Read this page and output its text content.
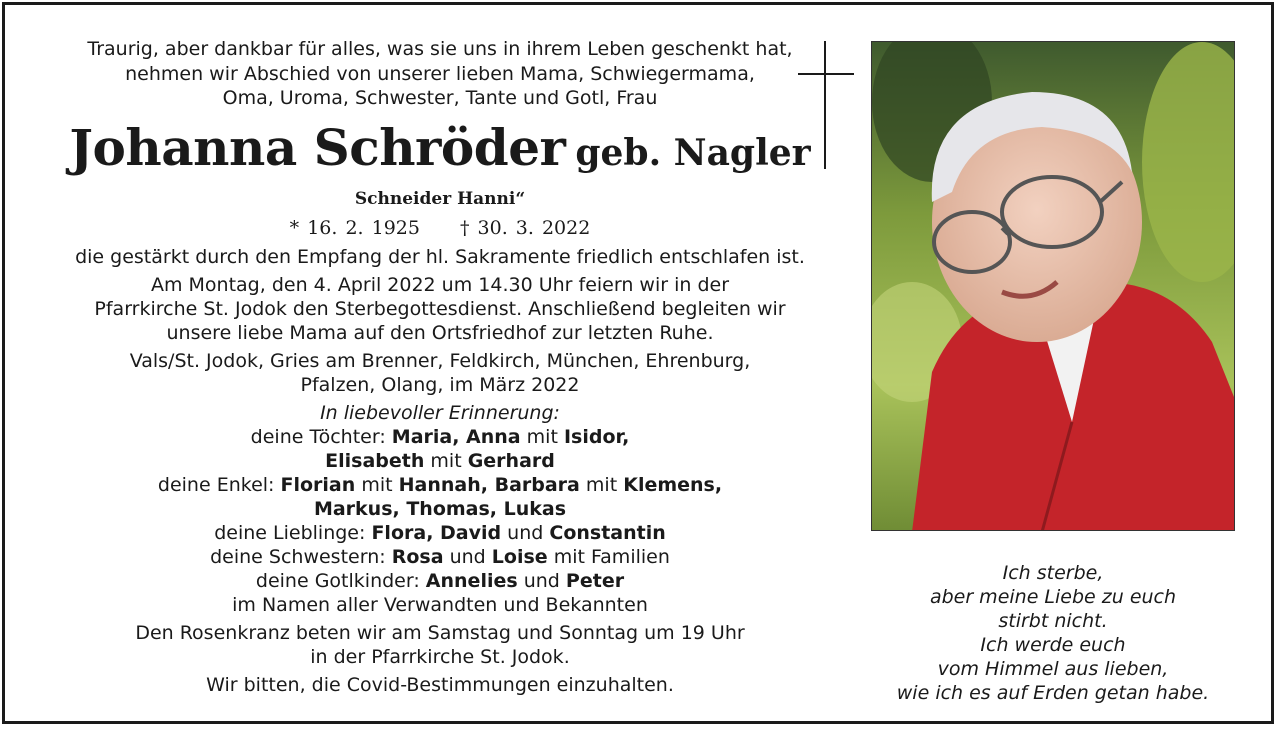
Traurig, aber dankbar für alles, was sie uns in ihrem Leben geschenkt hat,

nehmen wir Abschied von unserer lieben Mama, Schwiegermama,

Oma, Uroma, Schwester, Tante und Gotl, Frau

Johanna Schröder geb. Nagler

Schneider Hanni“

* 16. 2. 1925 † 30. 3. 2022

die gestärkt durch den Empfang der hl. Sakramente friedlich entschlafen ist.

Am Montag, den 4. April 2022 um 14.30 Uhr feiern wir in der

Pfarrkirche St. Jodok den Sterbegottesdienst. Anschließend begleiten wir

unsere liebe Mama auf den Ortsfriedhof zur letzten Ruhe.

Vals/St. Jodok, Gries am Brenner, Feldkirch, München, Ehrenburg,

Pfalzen, Olang, im März 2022

In liebevoller Erinnerung:

deine Töchter: Maria, Anna mit Isidor,

Elisabeth mit Gerhard

deine Enkel: Florian mit Hannah, Barbara mit Klemens,

Markus, Thomas, Lukas

deine Lieblinge: Flora, David und Constantin

deine Schwestern: Rosa und Loise mit Familien

deine Gotlkinder: Annelies und Peter

im Namen aller Verwandten und Bekannten

Den Rosenkranz beten wir am Samstag und Sonntag um 19 Uhr

in der Pfarrkirche St. Jodok.

Wir bitten, die Covid-Bestimmungen einzuhalten.

Ich sterbe,

aber meine Liebe zu euch

stirbt nicht.

Ich werde euch

vom Himmel aus lieben,

wie ich es auf Erden getan habe.
